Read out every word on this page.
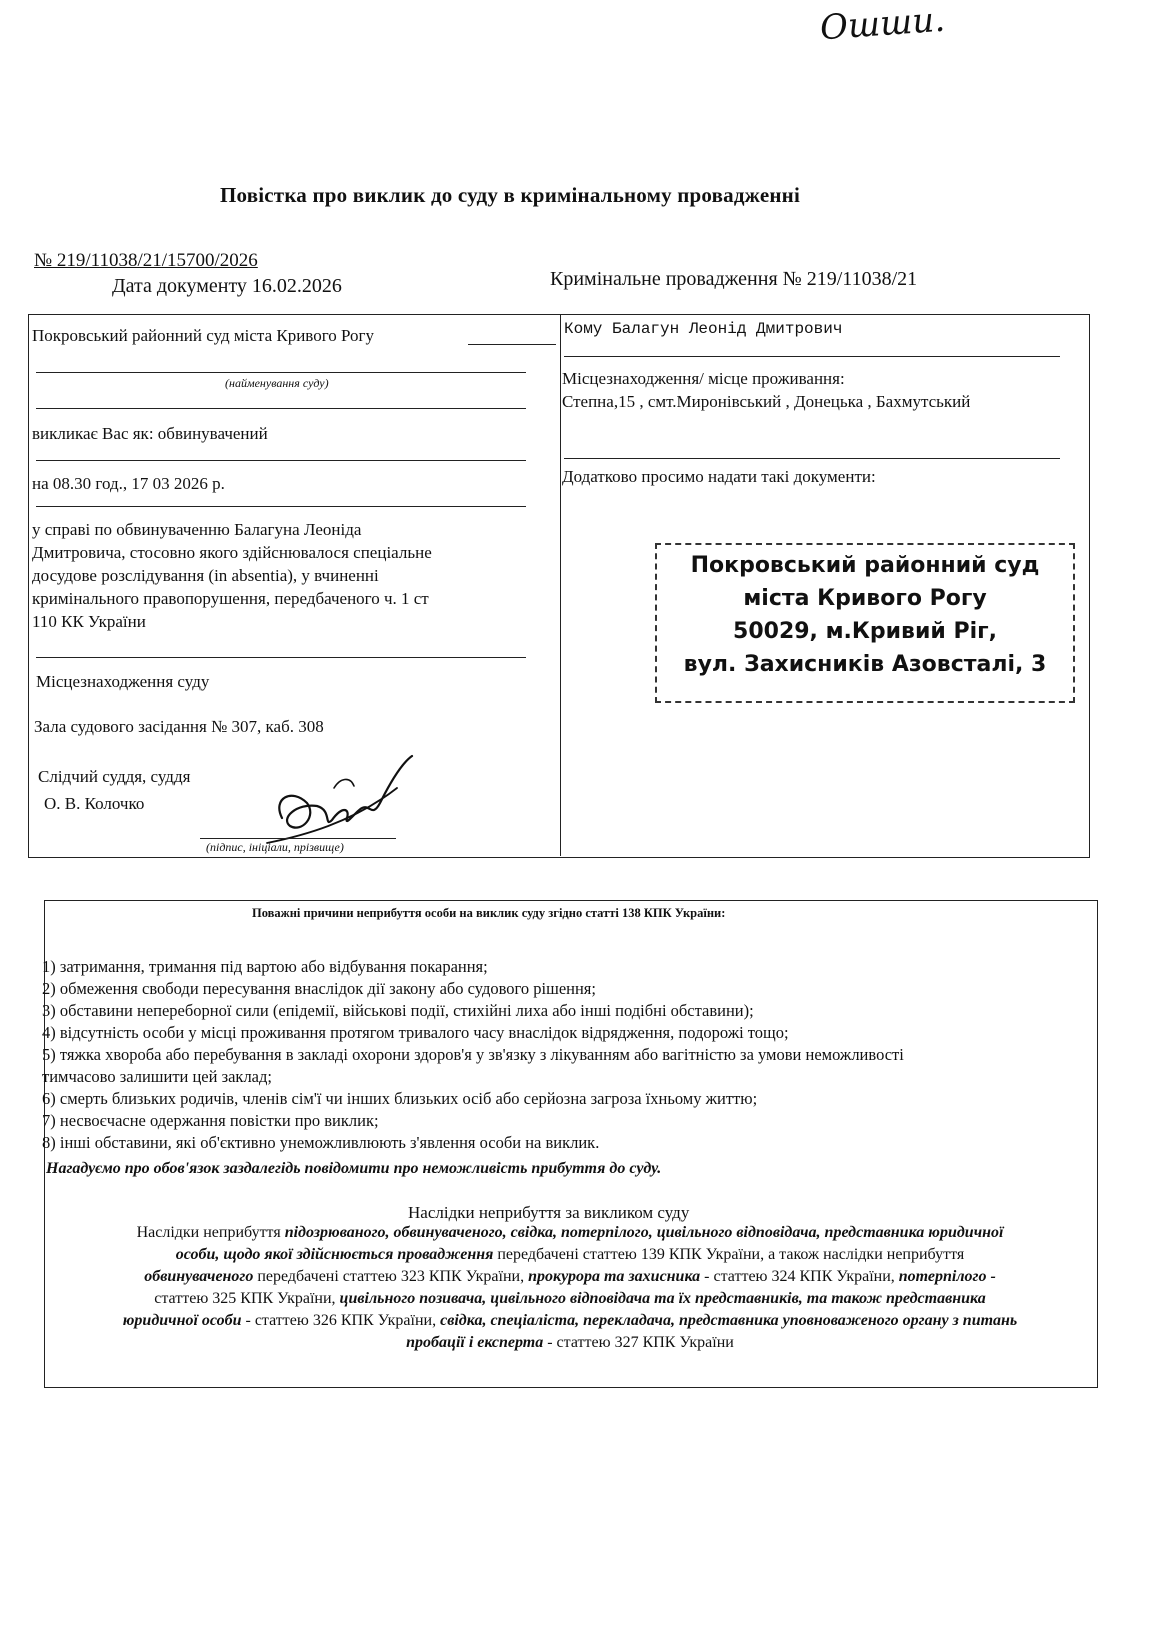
Ошши.
Повістка про виклик до суду в кримінальному провадженні
№ 219/11038/21/15700/2026
Дата документу 16.02.2026	Кримінальне провадження № 219/11038/21
Покровський районний суд міста Кривого Рогу
(найменування суду)
викликає Вас як: обвинувачений
на 08.30 год., 17 03 2026 р.
у справі по обвинуваченню Балагуна Леоніда
Дмитровича, стосовно якого здійснювалося спеціальне
досудове розслідування (in absentia), у вчиненні
кримінального правопорушення, передбаченого ч. 1 ст
110 КК України
Місцезнаходження суду
Зала судового засідання № 307, каб. 308
Слідчий суддя, суддя
О. В. Колочко
(підпис, ініціали, прізвище)
Кому Балагун Леонід Дмитрович
Місцезнаходження/ місце проживання:
Степна,15 , смт.Миронівський , Донецька , Бахмутський
Додатково просимо надати такі документи:
Покровський районний суд
міста Кривого Рогу
50029, м.Кривий Ріг,
вул. Захисників Азовсталі, 3
Поважні причини неприбуття особи на виклик суду згідно статті 138 КПК України:
1) затримання, тримання під вартою або відбування покарання;
2) обмеження свободи пересування внаслідок дії закону або судового рішення;
3) обставини непереборної сили (епідемії, військові події, стихійні лиха або інші подібні обставини);
4) відсутність особи у місці проживання протягом тривалого часу внаслідок відрядження, подорожі тощо;
5) тяжка хвороба або перебування в закладі охорони здоров'я у зв'язку з лікуванням або вагітністю за умови неможливості
тимчасово залишити цей заклад;
6) смерть близьких родичів, членів сім'ї чи інших близьких осіб або серйозна загроза їхньому життю;
7) несвоєчасне одержання повістки про виклик;
8) інші обставини, які об'єктивно унеможливлюють з'явлення особи на виклик.
Нагадуємо про обов'язок заздалегідь повідомити про неможливість прибуття до суду.
Наслідки неприбуття за викликом суду
Наслідки неприбуття підозрюваного, обвинуваченого, свідка, потерпілого, цивільного відповідача, представника юридичної
особи, щодо якої здійснюється провадження передбачені статтею 139 КПК України, а також наслідки неприбуття
обвинуваченого передбачені статтею 323 КПК України, прокурора та захисника - статтею 324 КПК України, потерпілого -
статтею 325 КПК України, цивільного позивача, цивільного відповідача та їх представників, та також представника
юридичної особи - статтею 326 КПК України, свідка, спеціаліста, перекладача, представника уповноваженого органу з питань
пробації і експерта - статтею 327 КПК України
